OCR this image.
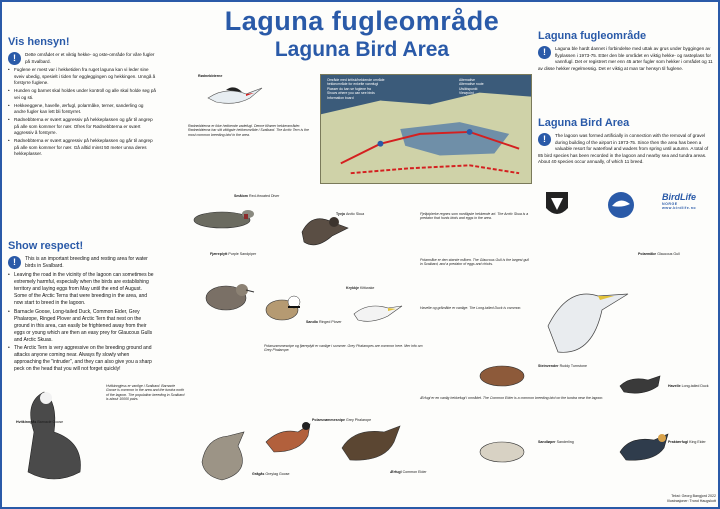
Laguna fugleområde
Laguna Bird Area
Vis hensyn!
!	Dette området er et viktig hekke- og oste-område for våre fugler på Svalbard.
• Fuglene er mest var i hekketiden fra ruget laguna kan vi leder sine sveiv ubedig, spesielt i tiden for eggleggingen og hekkingen. Unngå å forstyrre fuglene.
• Hunden og barnet skal holdes under kontroll og alle skal holde seg på vei og sti.
• Hekkeeggene, havelle, ærfugl, polarmåke, terner, sanderling og andre fugler kan lett bli forstyrret.
• Rødnebbterna er svært aggressiv på hekkeplassen og går til angrep på alle som kommer for nær. Ofres for Rødnebbterna er svært aggressiv å forstyrre.
• Rødnebbterna er svært aggressiv på hekkeplassen og går til angrep på alle som kommer for nær. Gå alltid minst 50 meter unna deres hekkeplasser.
Show respect!
!	This is an important breeding and resting area for water birds in Svalbard.
• Leaving the road in the vicinity of the lagoon can sometimes be extremely harmful, especially when the birds are establishing territory and laying eggs from May until the end of August. Some of the Arctic Terns that were breeding in the area, and now start to breed in the lagoon.
• Barnacle Goose, Long-tailed Duck, Common Eider, Grey Phalarope, Ringed Plover and Arctic Tern that nest on the ground in this area, can easily be frightened away from their eggs or young which are then an easy prey for Glaucous Gulls and Arctic Skuas.
• The Arctic Tern is very aggressive on the breeding ground and attacks anyone coming near. Always fly slowly when approaching the "intruder", and they can also give you a sharp peck on the head that you will not forget quickly!
Laguna fugleområde
!	Laguna ble hardt dannet i forbindelse med uttak av grus under byggingen av flyplassen i 1973-75. Etter den ble området en viktig hekke- og rasteplass for vannfugl. Det er registrert mer enn 45 arter fugler som hekker i området og 11 av disse hekker regelmessig. Det er viktig at man tar hensyn til fuglene.
Laguna Bird Area
!	The lagoon was formed artificially in connection with the removal of gravel during building of the airport in 1973-75. Since then the area has been a valuable resort for waterfowl and waders from spring until autumn. A total of 85 bird species has been recorded in the lagoon and nearby sea and tundra areas. About 40 species occur annually, of which 11 breed.
Område med kritisk/hekkende område
hekkeområde for enkelte vannfugl
Plasser du kan se fuglene fra
Shows where you can see birds
Information board
Alternative
Alternative route
Utsiktspunkt
Viewpoint
Rødnebbterna er ikke hekkende vadefugl. Denne tilhører hekkeområder. Rødnebbterna har sitt viktigste hekkeområde i Svalbard. The Arctic Tern is the most common breeding bird in the area.
Fjellpiplerke regnes som nordligste hekkende art. The Arctic Skua is a predator that hunts birds and eggs in the area.
Polarsvømmesnipe og fjæreplytt er vanlige i sommer. Grey Phalaropes are common here. Mer info om Grey Phalarope.
Ærfugl er en vanlig hekkefugl i området. The Common Eider is a common breeding bird on the tundra near the lagoon.
Havelle og gråmåke er vanlige. The Long-tailed Duck is common.
Hvitkinngjess er vanlige i Svalbard. Barnacle Goose is common in the area and the tundra north of the lagoon. The population breeding in Svalbard is about 10000 pairs.
Polarmåke er den største måken. The Glaucous Gull is the largest gull in Svalbard, and a predator of eggs and chicks.
Rødnebbterne
Smålom Red-throated Diver
Tyvjo Arctic Skua
Fjæreplytt Purple Sandpiper
Sandlo Ringed Plover
Polarmåke Glaucous Gull
Krykkje Kittiwake
Polarsvømmesnipe Grey Phalarope
Ærfugl Common Eider
Havelle Long-tailed Duck
Praktærfugl King Eider
Hvitkinngås Barnacle Goose
Steinvender Ruddy Turnstone
Sandløper Sanderling
Grågås Greylag Goose
BirdLife
NORGE
www.birdlife.no
Tekst: Georg Bangjord 2022
Illustrasjoner: Trond Haugskott
